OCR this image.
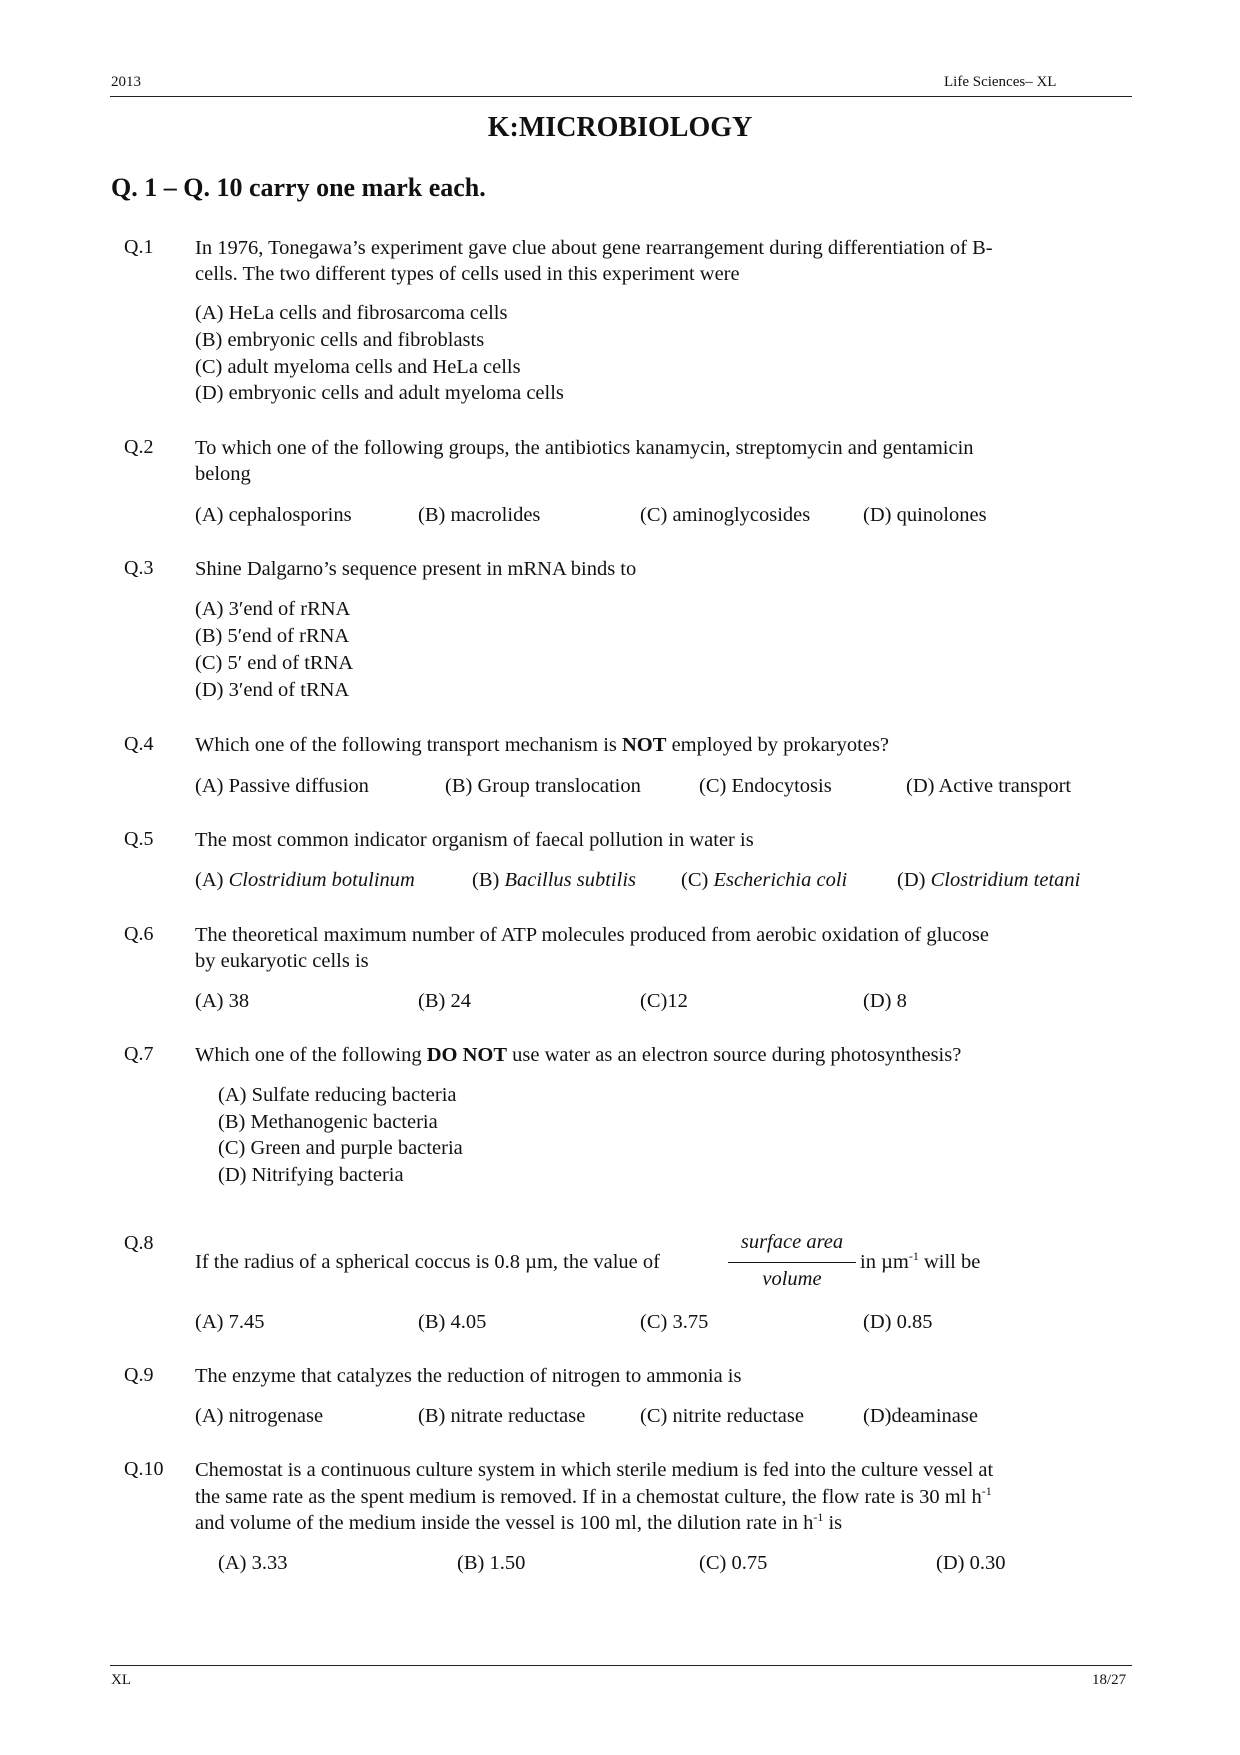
2013	Life Sciences– XL
K:MICROBIOLOGY
Q. 1 – Q. 10 carry one mark each.
Q.1 In 1976, Tonegawa’s experiment gave clue about gene rearrangement during differentiation of B-
cells. The two different types of cells used in this experiment were
(A) HeLa cells and fibrosarcoma cells
(B) embryonic cells and fibroblasts
(C) adult myeloma cells and HeLa cells
(D) embryonic cells and adult myeloma cells
Q.2 To which one of the following groups, the antibiotics kanamycin, streptomycin and gentamicin
belong
(A) cephalosporins	(B) macrolides	(C) aminoglycosides	(D) quinolones
Q.3 Shine Dalgarno’s sequence present in mRNA binds to
(A) 3′end of rRNA
(B) 5′end of rRNA
(C) 5′ end of tRNA
(D) 3′end of tRNA
Q.4 Which one of the following transport mechanism is NOT employed by prokaryotes?
(A) Passive diffusion	(B) Group translocation	(C) Endocytosis	(D) Active transport
Q.5 The most common indicator organism of faecal pollution in water is
(A) Clostridium botulinum	(B) Bacillus subtilis (C) Escherichia coli (D) Clostridium tetani
Q.6 The theoretical maximum number of ATP molecules produced from aerobic oxidation of glucose
by eukaryotic cells is
(A) 38	(B) 24	(C)12	(D) 8
Q.7 Which one of the following DO NOT use water as an electron source during photosynthesis?
(A) Sulfate reducing bacteria
(B) Methanogenic bacteria
(C) Green and purple bacteria
(D) Nitrifying bacteria
Q.8
If the radius of a spherical coccus is 0.8 µm, the value of
surface area
volume
in µm$^{-1}$ will be
(A) 7.45	(B) 4.05	(C) 3.75	(D) 0.85
Q.9 The enzyme that catalyzes the reduction of nitrogen to ammonia is
(A) nitrogenase	(B) nitrate reductase	(C) nitrite reductase	(D)deaminase
Q.10 Chemostat is a continuous culture system in which sterile medium is fed into the culture vessel at
the same rate as the spent medium is removed. If in a chemostat culture, the flow rate is 30 ml $h^{-1}$
and volume of the medium inside the vessel is 100 ml, the dilution rate in $h^{-1}$ is
(A) 3.33	(B) 1.50	(C) 0.75	(D) 0.30
XL	18/27
